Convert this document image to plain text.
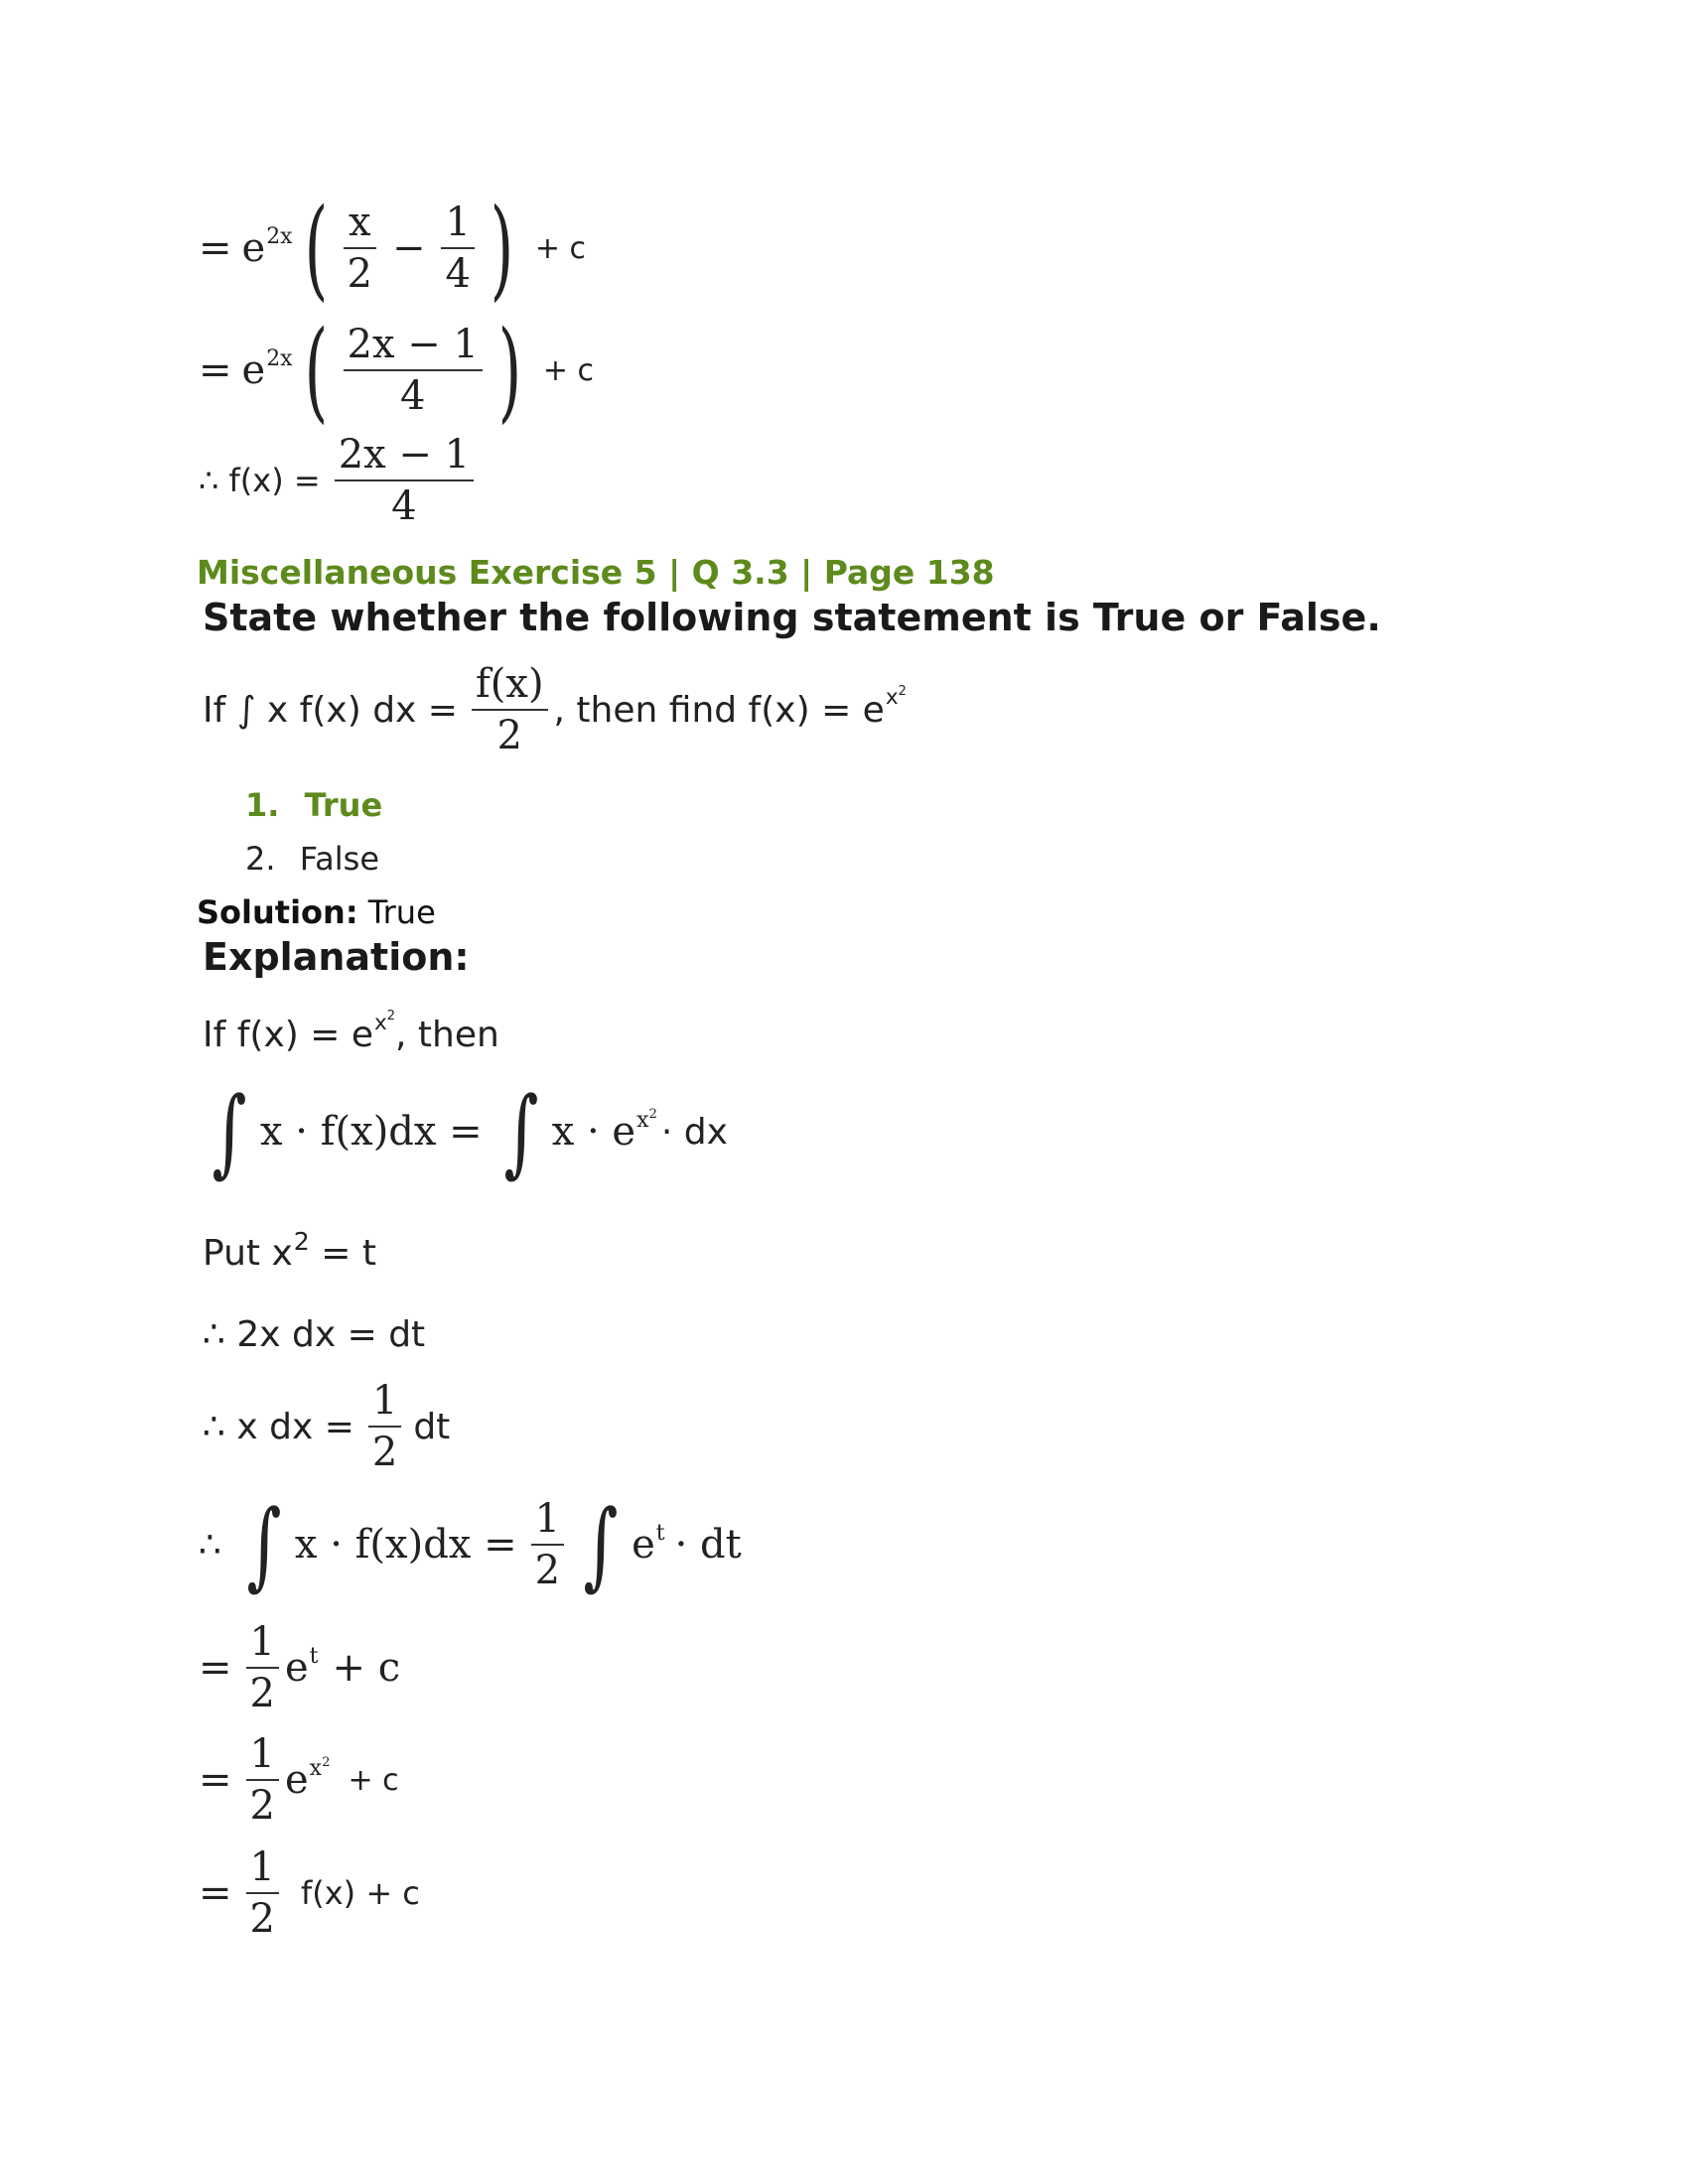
= $e^{2x}$ ( $\frac{x}{2} - \frac{1}{4}$ ) + c
= $e^{2x}$ ( $\frac{2x - 1}{4}$ ) + c
∴ $f(x) = \frac{2x - 1}{4}$
Miscellaneous Exercise 5 | Q 3.3 | Page 138
State whether the following statement is True or False.
If ∫ x f(x) dx = $\frac{f(x)}{2}$ , then find $f(x) = e^{x^2}$
1. True
2. False
Solution: True
Explanation:
If $f(x) = e^{x^2}$, then
∫ x · f(x)dx = ∫ $x \cdot e^{x^2}$ · dx
Put $x^2 = t$
∴ 2x dx = dt
∴ x dx = $\frac{1}{2}$ dt
∴ ∫ $x \cdot f(x)dx = \frac{1}{2}$ ∫ $e^t$ · dt
= $\frac{1}{2} e^t + c$
= $\frac{1}{2} e^{x^2}$
+ c
= $\frac{1}{2} f(x) + c$
